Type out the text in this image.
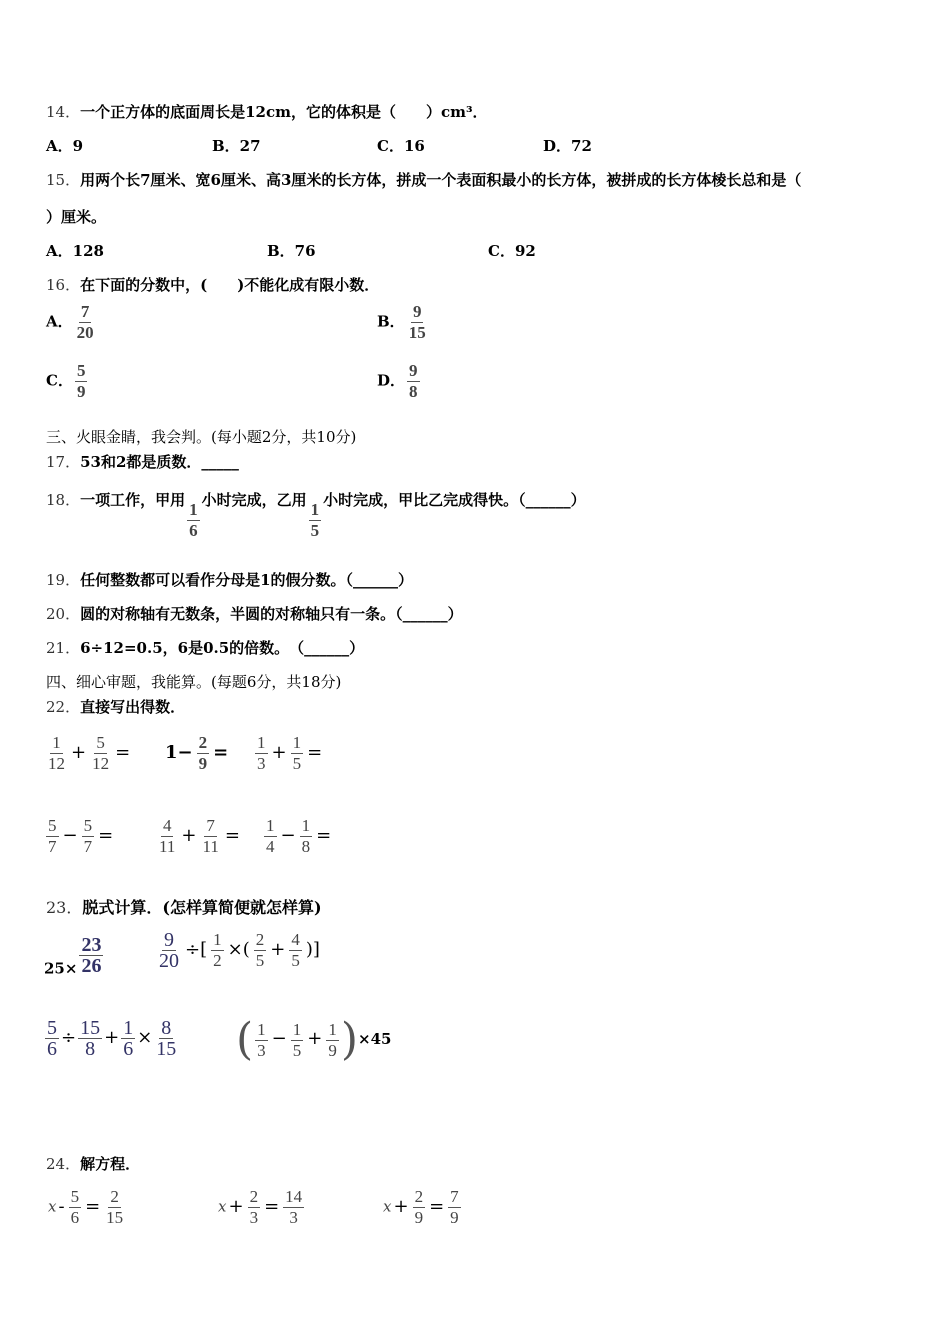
14．一个正方体的底面周长是12cm，它的体积是（　　）cm³．
A．9	B．27	C．16	D．72
15．用两个长7厘米、宽6厘米、高3厘米的长方体，拼成一个表面积最小的长方体，被拼成的长方体棱长总和是（
）厘米。
A．128	B．76	C．92
16．在下面的分数中，(　　)不能化成有限小数．
A． $\frac{7}{20}$	B． $\frac{9}{15}$
C． $\frac{5}{9}$	D． $\frac{9}{8}$
三、火眼金睛，我会判。(每小题2分，共10分)
17．53和2都是质数．_____
18．一项工作，甲用 $\frac{1}{6}$ 小时完成，乙用 $\frac{1}{5}$ 小时完成，甲比乙完成得快。（______）
19．任何整数都可以看作分母是1的假分数。（______）
20．圆的对称轴有无数条，半圆的对称轴只有一条。（______）
21．6÷12=0.5，6是0.5的倍数。　（______）
四、细心审题，我能算。(每题6分，共18分)
22．直接写出得数．
$\frac{1}{12} + \frac{5}{12} = 1- \frac{2}{9} = \frac{1}{3} + \frac{1}{5}$ =
$\frac{5}{7} - \frac{5}{7}$ =	$\frac{4}{11} + \frac{7}{11} = \frac{1}{4} - \frac{1}{8}$ =
23．脱式计算．(怎样算简便就怎样算)
$25\times \frac{23}{26}$	$\frac{9}{20}$ ÷[ $\frac{1}{2}$ ×( $\frac{2}{5} + \frac{4}{5}$ )]
$\frac{5}{6} \div \frac{15}{8} + \frac{1}{6} \times \frac{8}{15}$ ( $\frac{1}{3} - \frac{1}{5} + \frac{1}{9} )\times 45$
24．解方程．
$x - \frac{5}{6} = \frac{2}{15}$	$x + \frac{2}{3} = \frac{14}{3}$	$x + \frac{2}{9} = \frac{7}{9}$
